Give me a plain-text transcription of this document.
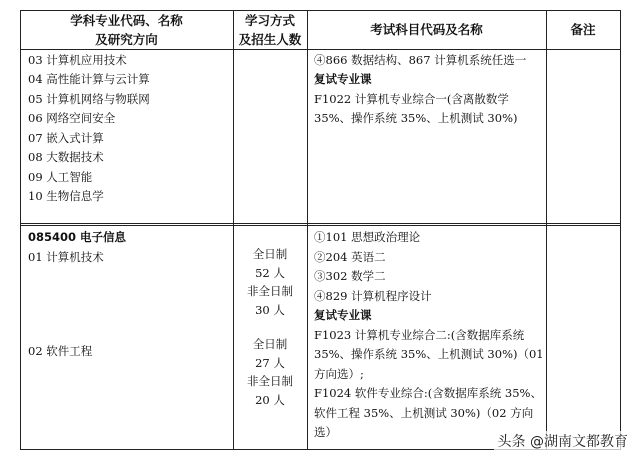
学科专业代码、名称
及研究方向
学习方式
及招生人数
考试科目代码及名称	备注
03 计算机应用技术
04 高性能计算与云计算
05 计算机网络与物联网
06 网络空间安全
07 嵌入式计算
08 大数据技术
09 人工智能
10 生物信息学
④866 数据结构、867 计算机系统任选一
复试专业课
F1022 计算机专业综合一(含离散数学
35%、操作系统 35%、上机测试 30%)
085400 电子信息
01 计算机技术
02 软件工程
全日制
52 人
非全日制
30 人
全日制
27 人
非全日制
20 人
①101 思想政治理论
②204 英语二
③302 数学二
④829 计算机程序设计
复试专业课
F1023 计算机专业综合二:(含数据库系统
35%、操作系统 35%、上机测试 30%)（01
方向选）;
F1024 软件专业综合:(含数据库系统 35%、
软件工程 35%、上机测试 30%)（02 方向
选）
头条 @湖南文都教育
